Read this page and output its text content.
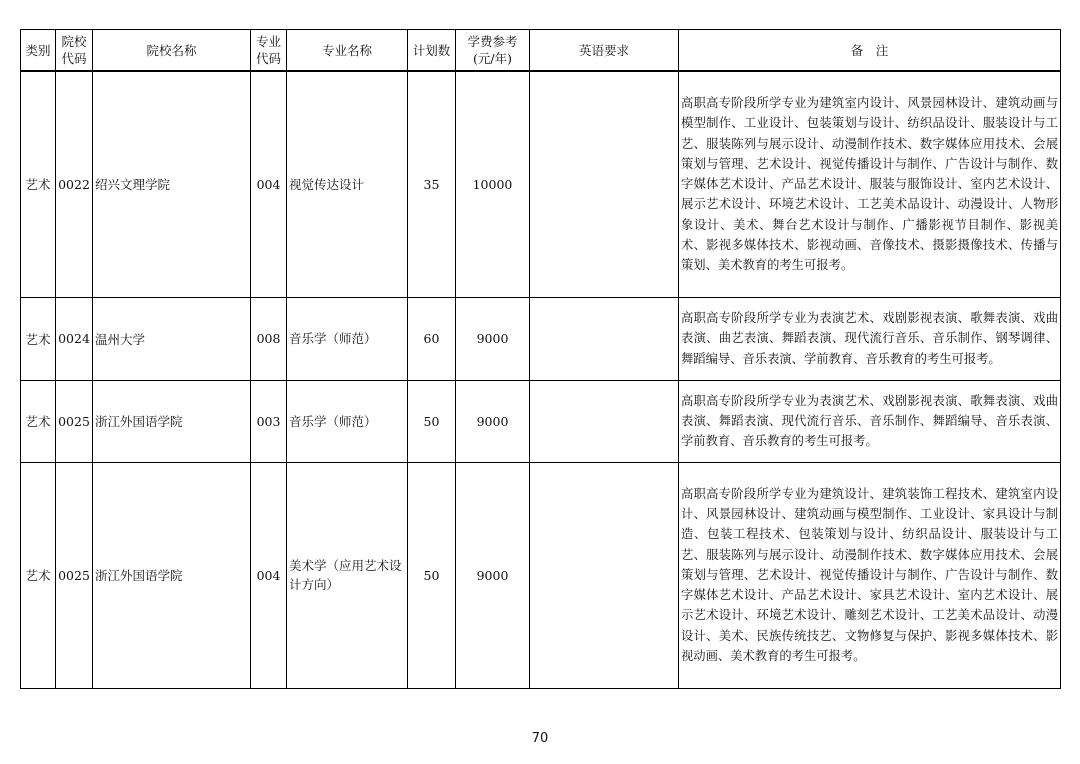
类别	院校代码	院校名称	专业代码	专业名称	计划数	学费参考(元/年)	英语要求	备　注
艺术	0022	绍兴文理学院	004	视觉传达设计	35	10000		高职高专阶段所学专业为建筑室内设计、风景园林设计、建筑动画与模型制作、工业设计、包装策划与设计、纺织品设计、服装设计与工艺、服装陈列与展示设计、动漫制作技术、数字媒体应用技术、会展策划与管理、艺术设计、视觉传播设计与制作、广告设计与制作、数字媒体艺术设计、产品艺术设计、服装与服饰设计、室内艺术设计、展示艺术设计、环境艺术设计、工艺美术品设计、动漫设计、人物形象设计、美术、舞台艺术设计与制作、广播影视节目制作、影视美术、影视多媒体技术、影视动画、音像技术、摄影摄像技术、传播与策划、美术教育的考生可报考。
艺术	0024	温州大学	008	音乐学（师范）	60	9000		高职高专阶段所学专业为表演艺术、戏剧影视表演、歌舞表演、戏曲表演、曲艺表演、舞蹈表演、现代流行音乐、音乐制作、钢琴调律、舞蹈编导、音乐表演、学前教育、音乐教育的考生可报考。
艺术	0025	浙江外国语学院	003	音乐学（师范）	50	9000		高职高专阶段所学专业为表演艺术、戏剧影视表演、歌舞表演、戏曲表演、舞蹈表演、现代流行音乐、音乐制作、舞蹈编导、音乐表演、学前教育、音乐教育的考生可报考。
艺术	0025	浙江外国语学院	004	美术学（应用艺术设计方向）	50	9000		高职高专阶段所学专业为建筑设计、建筑装饰工程技术、建筑室内设计、风景园林设计、建筑动画与模型制作、工业设计、家具设计与制造、包装工程技术、包装策划与设计、纺织品设计、服装设计与工艺、服装陈列与展示设计、动漫制作技术、数字媒体应用技术、会展策划与管理、艺术设计、视觉传播设计与制作、广告设计与制作、数字媒体艺术设计、产品艺术设计、家具艺术设计、室内艺术设计、展示艺术设计、环境艺术设计、雕刻艺术设计、工艺美术品设计、动漫设计、美术、民族传统技艺、文物修复与保护、影视多媒体技术、影视动画、美术教育的考生可报考。
70
